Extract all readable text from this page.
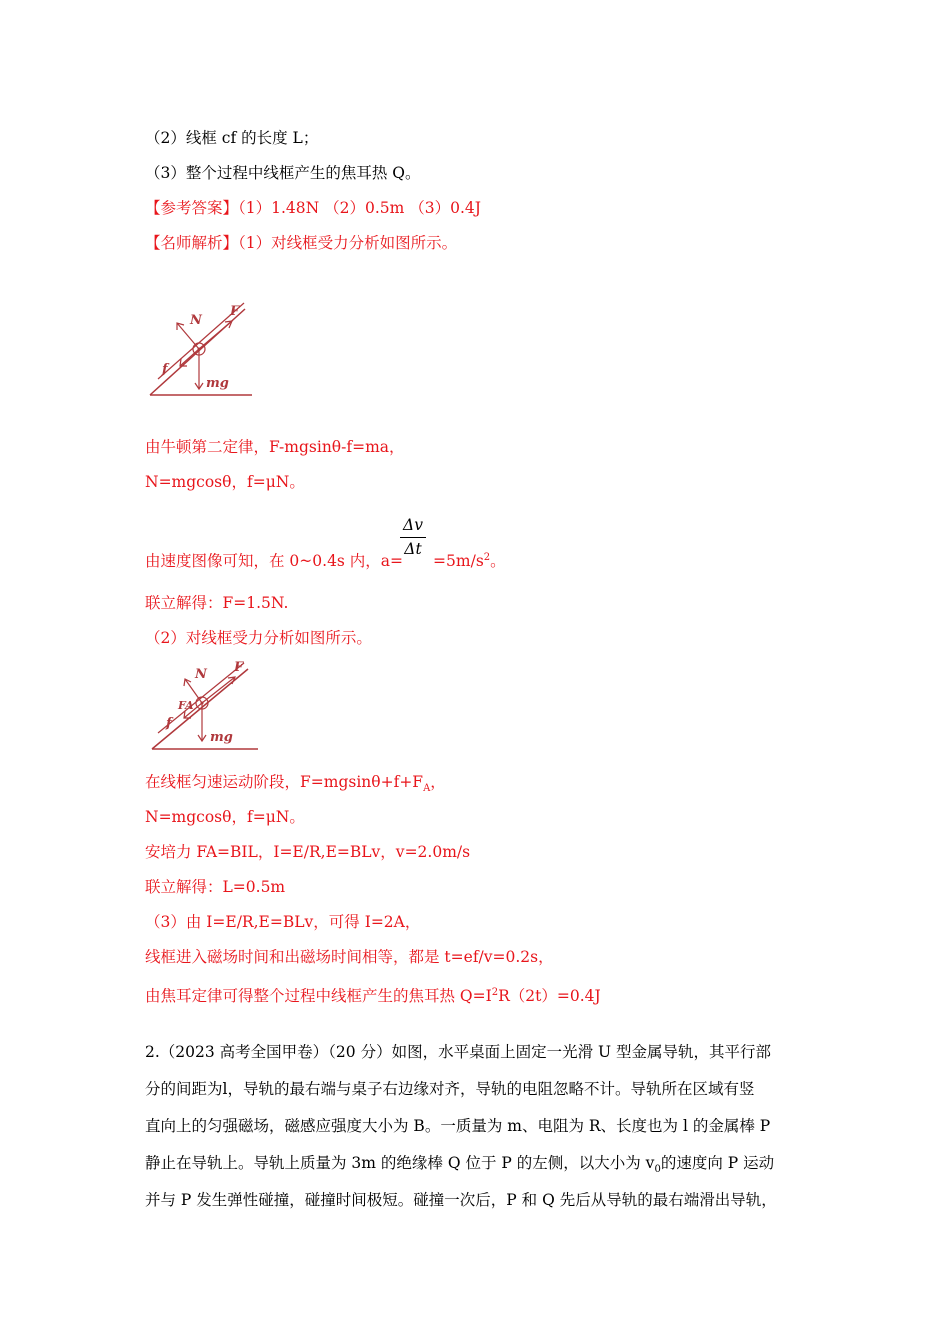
（2）线框 cf 的长度 L；
（3）整个过程中线框产生的焦耳热 Q。
【参考答案】（1）1.48N （2）0.5m （3）0.4J
【名师解析】（1）对线框受力分析如图所示。
N
F
f
mg
由牛顿第二定律，F-mgsinθ-f=ma，
N=mgcosθ，f=μN。
由速度图像可知，在 0~0.4s 内，$a= =5m/s^2$。
Δv
Δt
联立解得：F=1.5N.
（2）对线框受力分析如图所示。
N F
FA
f
mg
在线框匀速运动阶段，$F=mgsin\theta+f+F_A$，
N=mgcosθ，f=μN。
安培力 FA=BIL，I=E/R,E=BLv，v=2.0m/s
联立解得：L=0.5m
（3）由 I=E/R,E=BLv，可得 I=2A，
线框进入磁场时间和出磁场时间相等，都是 t=ef/v=0.2s，
由焦耳定律可得整个过程中线框产生的焦耳热 $Q=I^2R(2t)=0.4J$
2.（2023 高考全国甲卷）（20 分）如图，水平桌面上固定一光滑 U 型金属导轨，其平行部
分的间距为l，导轨的最右端与桌子右边缘对齐，导轨的电阻忽略不计。导轨所在区域有竖
直向上的匀强磁场，磁感应强度大小为 B。一质量为 m、电阻为 R、长度也为 l 的金属棒 P
静止在导轨上。导轨上质量为 3m 的绝缘棒 Q 位于 P 的左侧，以大小为 $v_0$的速度向 P 运动
并与 P 发生弹性碰撞，碰撞时间极短。碰撞一次后，P 和 Q 先后从导轨的最右端滑出导轨，
